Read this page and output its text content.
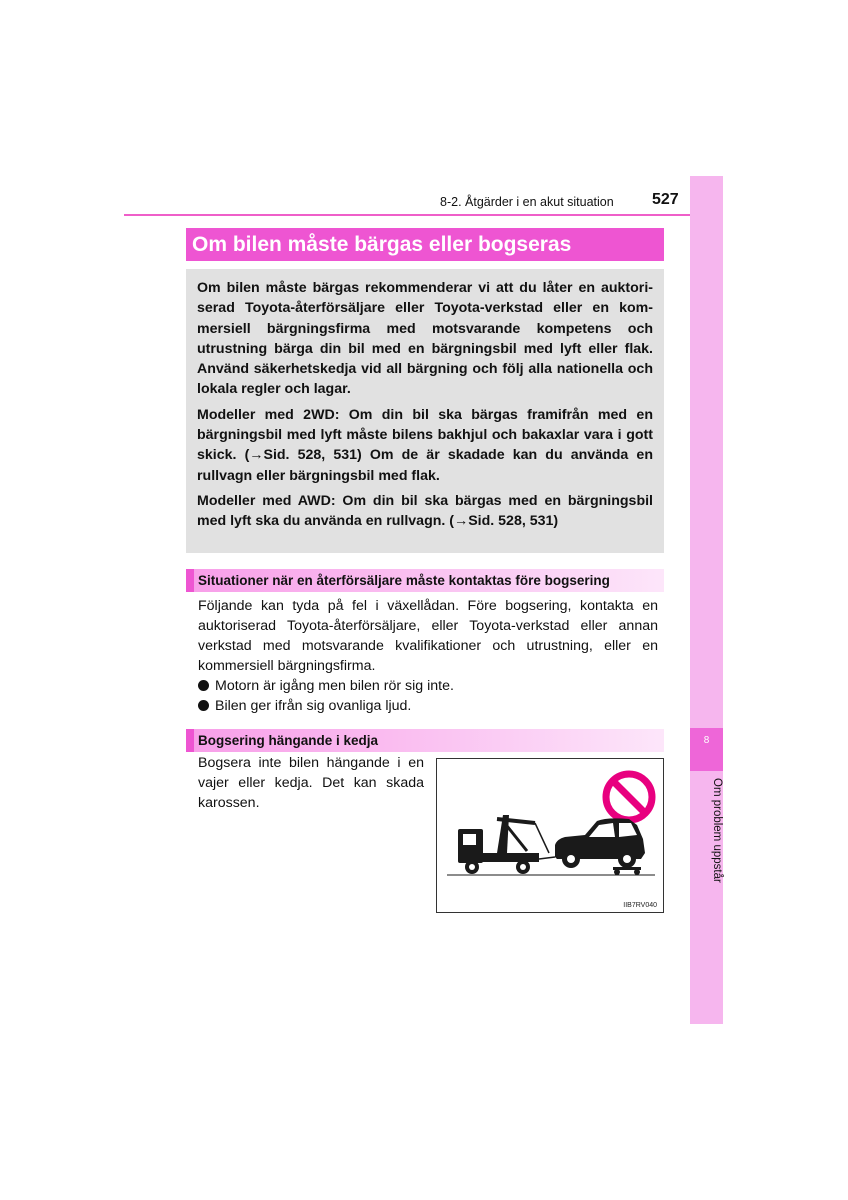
8-2. Åtgärder i en akut situation 527
8
Om problem uppstår
Om bilen måste bärgas eller bogseras

Om bilen måste bärgas rekommenderar vi att du låter en auktori-serad Toyota-återförsäljare eller Toyota-verkstad eller en kom-mersiell bärgningsfirma med motsvarande kompetens och utrustning bärga din bil med en bärgningsbil med lyft eller flak. Använd säkerhetskedja vid all bärgning och följ alla nationella och lokala regler och lagar.

Modeller med 2WD: Om din bil ska bärgas framifrån med en bärgningsbil med lyft måste bilens bakhjul och bakaxlar vara i gott skick. (→Sid. 528, 531) Om de är skadade kan du använda en rullvagn eller bärgningsbil med flak.

Modeller med AWD: Om din bil ska bärgas med en bärgningsbil med lyft ska du använda en rullvagn. (→Sid. 528, 531)

Situationer när en återförsäljare måste kontaktas före bogsering
Följande kan tyda på fel i växellådan. Före bogsering, kontakta en auktoriserad Toyota-återförsäljare, eller Toyota-verkstad eller annan verkstad med motsvarande kvalifikationer och utrustning, eller en kommersiell bärgningsfirma.
Motorn är igång men bilen rör sig inte.
Bilen ger ifrån sig ovanliga ljud.
Bogsering hängande i kedja
Bogsera inte bilen hängande i en vajer eller kedja. Det kan skada karossen.
IIB7RV040
